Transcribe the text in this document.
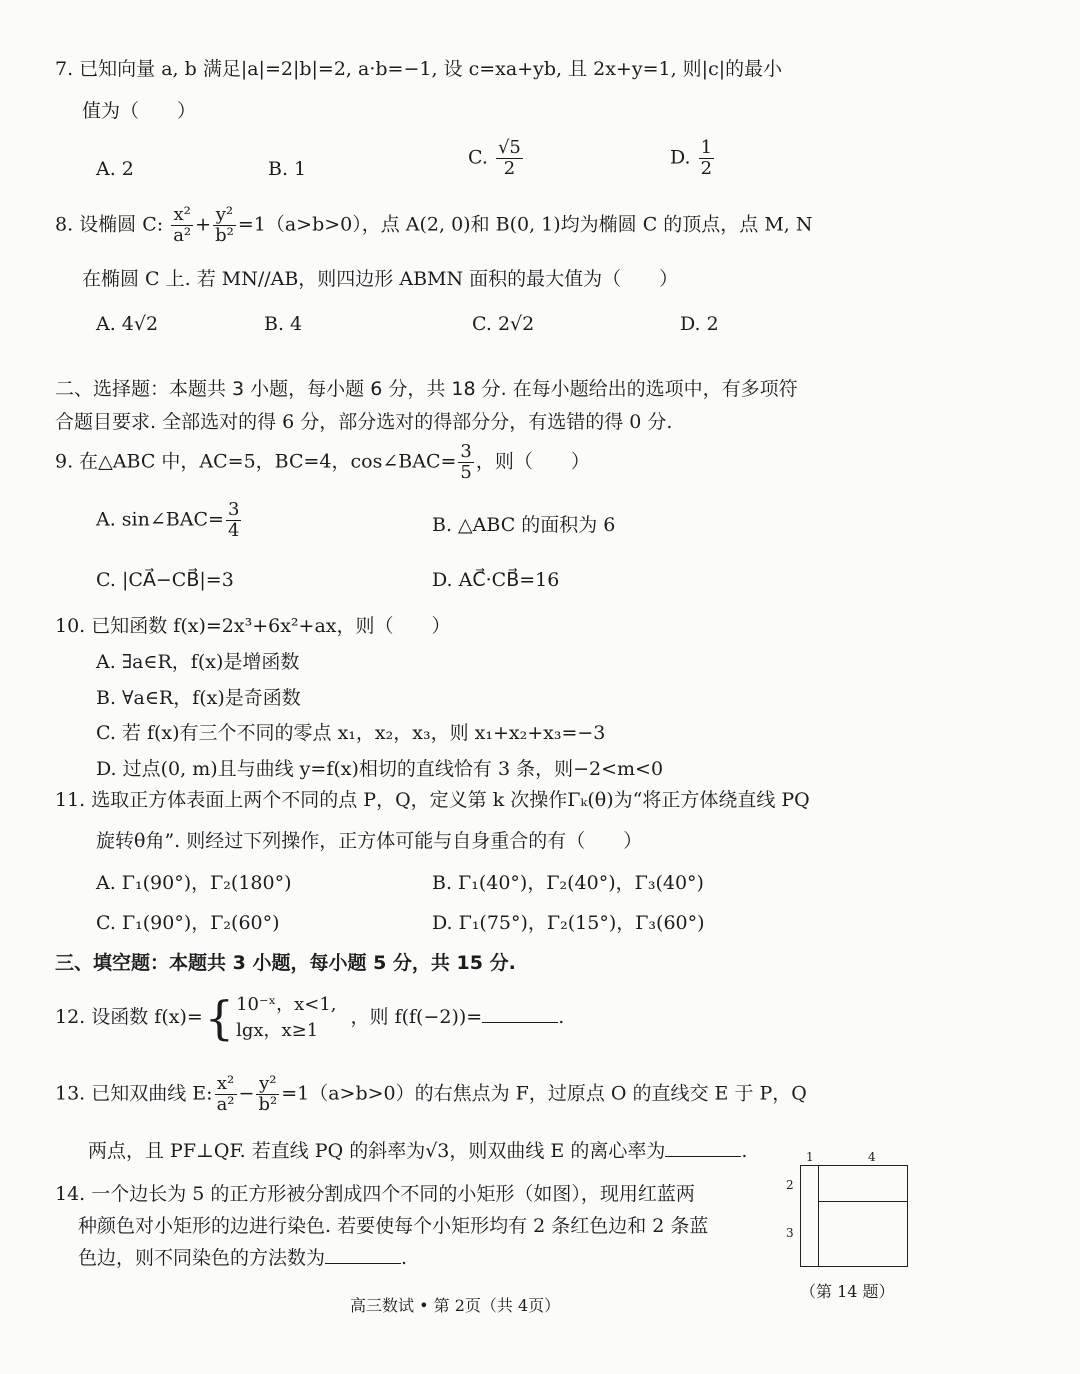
7. 已知向量 a, b 满足|a|=2|b|=2, a·b=−1, 设 c=xa+yb, 且 2x+y=1, 则|c|的最小
值为（　　）
A. 2	B. 1
C. $\frac{√5}{2}$	D. $\frac{1}{2}$
8. 设椭圆 C: $\frac{\text{x²}}{\text{a²}} + \frac{\text{y²}}{\text{b²}} =1(a>b>0)$，点 A(2, 0)和 B(0, 1)均为椭圆 C 的顶点，点 M, N
在椭圆 C 上. 若 MN//AB，则四边形 ABMN 面积的最大值为（　　）
A. 4√2	B. 4	C. 2√2	D. 2
二、选择题：本题共 3 小题，每小题 6 分，共 18 分. 在每小题给出的选项中，有多项符
合题目要求. 全部选对的得 6 分，部分选对的得部分分，有选错的得 0 分.
9. 在△ABC 中，AC=5，BC=4，cos∠BAC= $\frac{3}{5}$ ，则（　　）
A. sin∠BAC= $\frac{3}{4}$	B. △ABC 的面积为 6
C. |CA⃗−CB⃗|=3	D. AC⃗·CB⃗=16
10. 已知函数 f(x)=2x³+6x²+ax，则（　　）
A. ∃a∈R，f(x)是增函数
B. ∀a∈R，f(x)是奇函数
C. 若 f(x)有三个不同的零点 x₁，x₂，x₃，则 x₁+x₂+x₃=−3
D. 过点(0, m)且与曲线 y=f(x)相切的直线恰有 3 条，则−2<m<0
11. 选取正方体表面上两个不同的点 P，Q，定义第 k 次操作Γₖ(θ)为“将正方体绕直线 PQ
旋转θ角”. 则经过下列操作，正方体可能与自身重合的有（　　）
A. Γ₁(90°)，Γ₂(180°)	B. Γ₁(40°)，Γ₂(40°)，Γ₃(40°)
C. Γ₁(90°)，Γ₂(60°)	D. Γ₁(75°)，Γ₂(15°)，Γ₃(60°)
三、填空题：本题共 3 小题，每小题 5 分，共 15 分.
12. 设函数 f(x)={ 10⁻ˣ，x<1,
lgx，x≥1
，则 f(f(−2))=	.
13. 已知双曲线 E: $\frac{\text{x²}}{\text{a²}} - \frac{\text{y²}}{\text{b²}} =1(a>b>0)$的右焦点为 F，过原点 O 的直线交 E 于 P，Q
两点，且 PF⊥QF. 若直线 PQ 的斜率为√3，则双曲线 E 的离心率为	.
14. 一个边长为 5 的正方形被分割成四个不同的小矩形（如图），现用红蓝两
种颜色对小矩形的边进行染色. 若要使每个小矩形均有 2 条红色边和 2 条蓝
色边，则不同染色的方法数为	.
1	4
2
3
（第 14 题）
高三数试 • 第 2页（共 4页）
